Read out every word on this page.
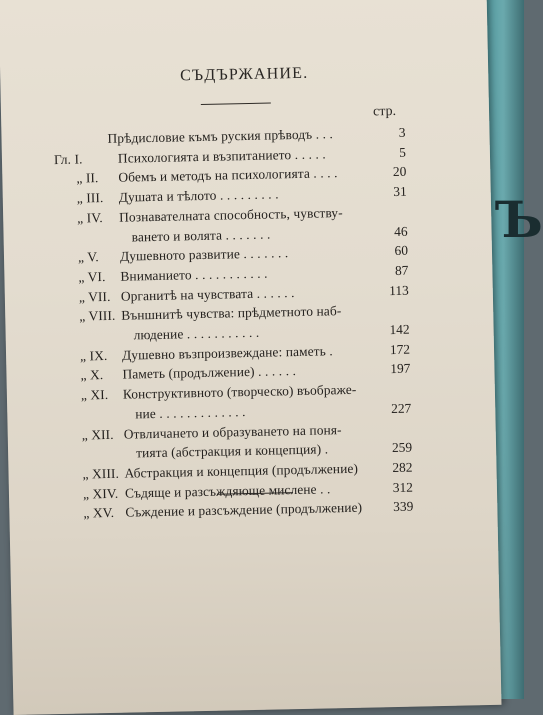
Ъ
СЪДЪРЖАНИЕ.
стр.
Прѣдисловие къмъ руския прѣводъ . . .	3
Гл. I.	Психологията и възпитанието . . . . .	5
„ II. Обемъ и методъ на психологията . . . .	20
„ III. Душата и тѣлото . . . . . . . . .	31
„ IV. Познавателната способность, чувству-
ването и волята . . . . . . .	46
„ V. Душевното развитие . . . . . . .	60
„ VI. Вниманието . . . . . . . . . . .	87
„ VII. Органитѣ на чувствата . . . . . .	113
„ VIII. Външнитѣ чувства: прѣдметното наб-
людение . . . . . . . . . . .	142
„ IX. Душевно възпроизвеждане: паметь .	172
„ X. Паметь (продължение) . . . . . .	197
„ XI. Конструктивното (творческо) въображе-
ние . . . . . . . . . . . . .	227
„ XII. Отвличането и образуването на поня-
тията (абстракция и концепция) .	259
„ XIII. Абстракция и концепция (продължение)	282
„ XIV. Съдяще и разсъждяюще мислене . .	312
„ XV. Съждение и разсъждение (продължение)	339
